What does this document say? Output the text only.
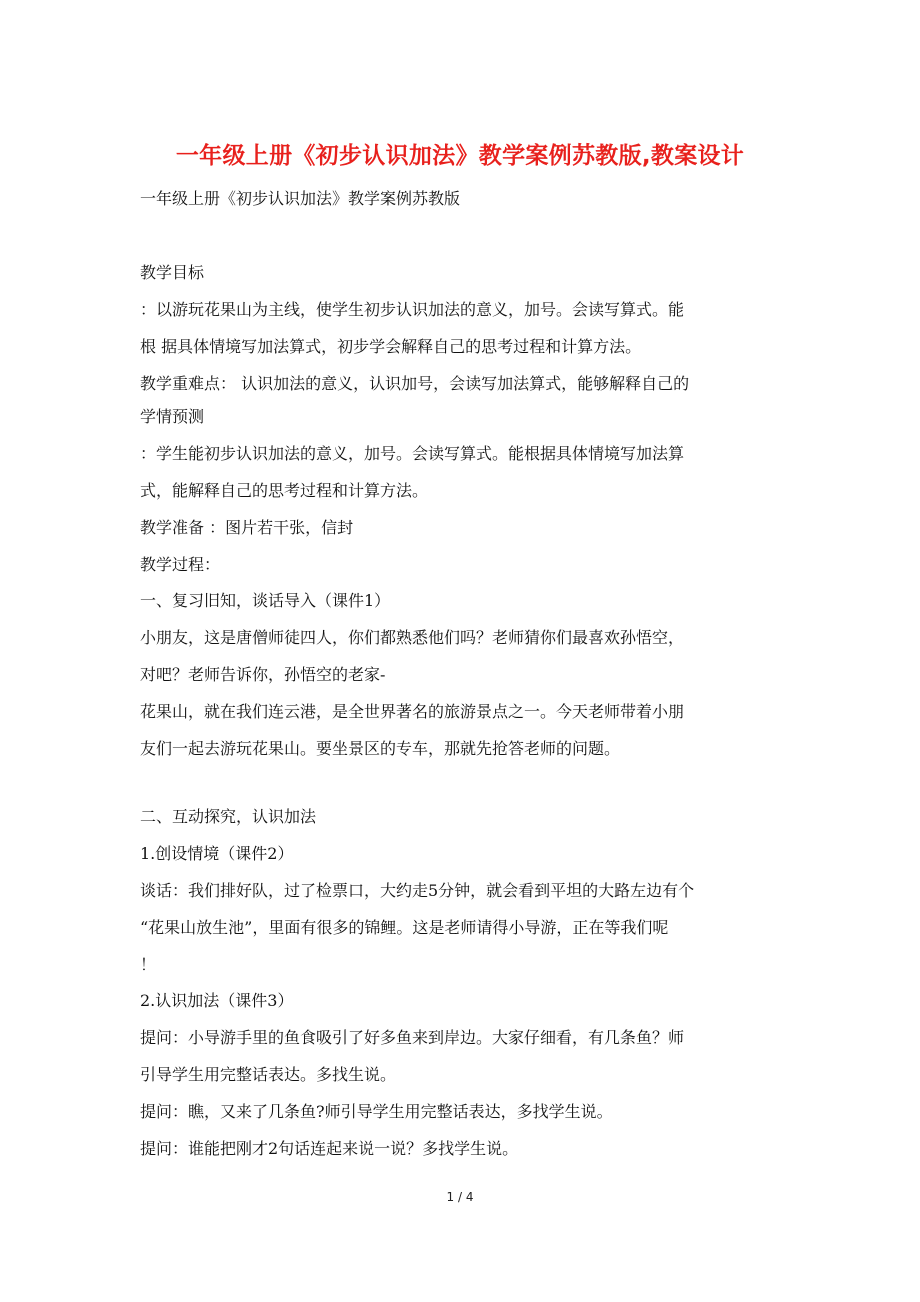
一年级上册《初步认识加法》教学案例苏教版,教案设计
一年级上册《初步认识加法》教学案例苏教版
教学目标
：以游玩花果山为主线，使学生初步认识加法的意义，加号。会读写算式。能
根 据具体情境写加法算式，初步学会解释自己的思考过程和计算方法。
教学重难点： 认识加法的意义，认识加号，会读写加法算式，能够解释自己的
学情预测
：学生能初步认识加法的意义，加号。会读写算式。能根据具体情境写加法算
式，能解释自己的思考过程和计算方法。
教学准备 ：图片若干张，信封
教学过程：
一、复习旧知，谈话导入（课件1）
小朋友，这是唐僧师徒四人，你们都熟悉他们吗？老师猜你们最喜欢孙悟空，
对吧？老师告诉你，孙悟空的老家-
花果山，就在我们连云港，是全世界著名的旅游景点之一。今天老师带着小朋
友们一起去游玩花果山。要坐景区的专车，那就先抢答老师的问题。
二、互动探究，认识加法
1.创设情境（课件2）
谈话：我们排好队，过了检票口，大约走5分钟，就会看到平坦的大路左边有个
“花果山放生池”，里面有很多的锦鲤。这是老师请得小导游，正在等我们呢
！
2.认识加法（课件3）
提问：小导游手里的鱼食吸引了好多鱼来到岸边。大家仔细看，有几条鱼？师
引导学生用完整话表达。多找生说。
提问：瞧，又来了几条鱼?师引导学生用完整话表达，多找学生说。
提问：谁能把刚才2句话连起来说一说？多找学生说。
1 / 4
